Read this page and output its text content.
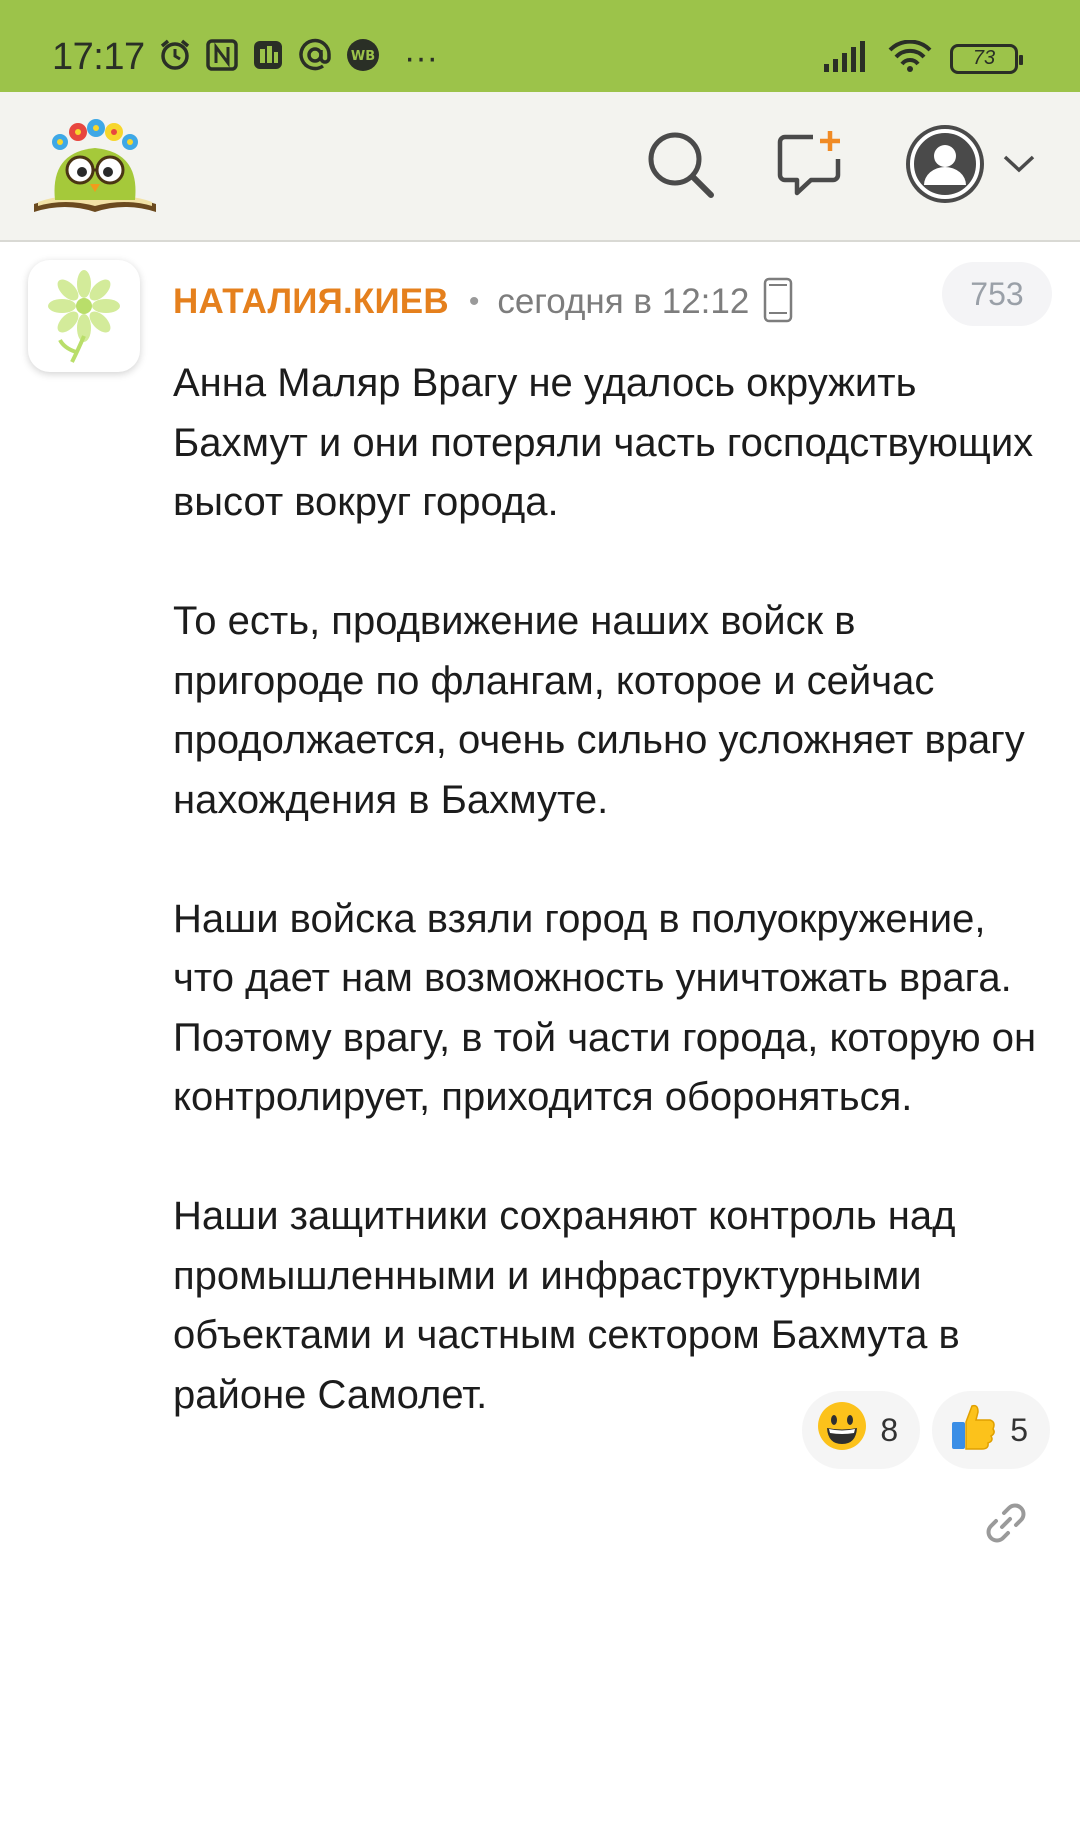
17:17	WB ···	73
НАТАЛИЯ.КИЕВ • сегодня в 12:12	753

Анна Маляр Врагу не удалось окружить Бахмут и они потеряли часть господствующих высот вокруг города.

То есть, продвижение наших войск в пригороде по флангам, которое и сейчас продолжается, очень сильно усложняет врагу нахождения в Бахмуте.

Наши войска взяли город в полуокружение, что дает нам возможность уничтожать врага. Поэтому врагу, в той части города, которую он контролирует, приходится обороняться.

Наши защитники сохраняют контроль над промышленными и инфраструктурными объектами и частным сектором Бахмута в районе Самолет.

8	5
